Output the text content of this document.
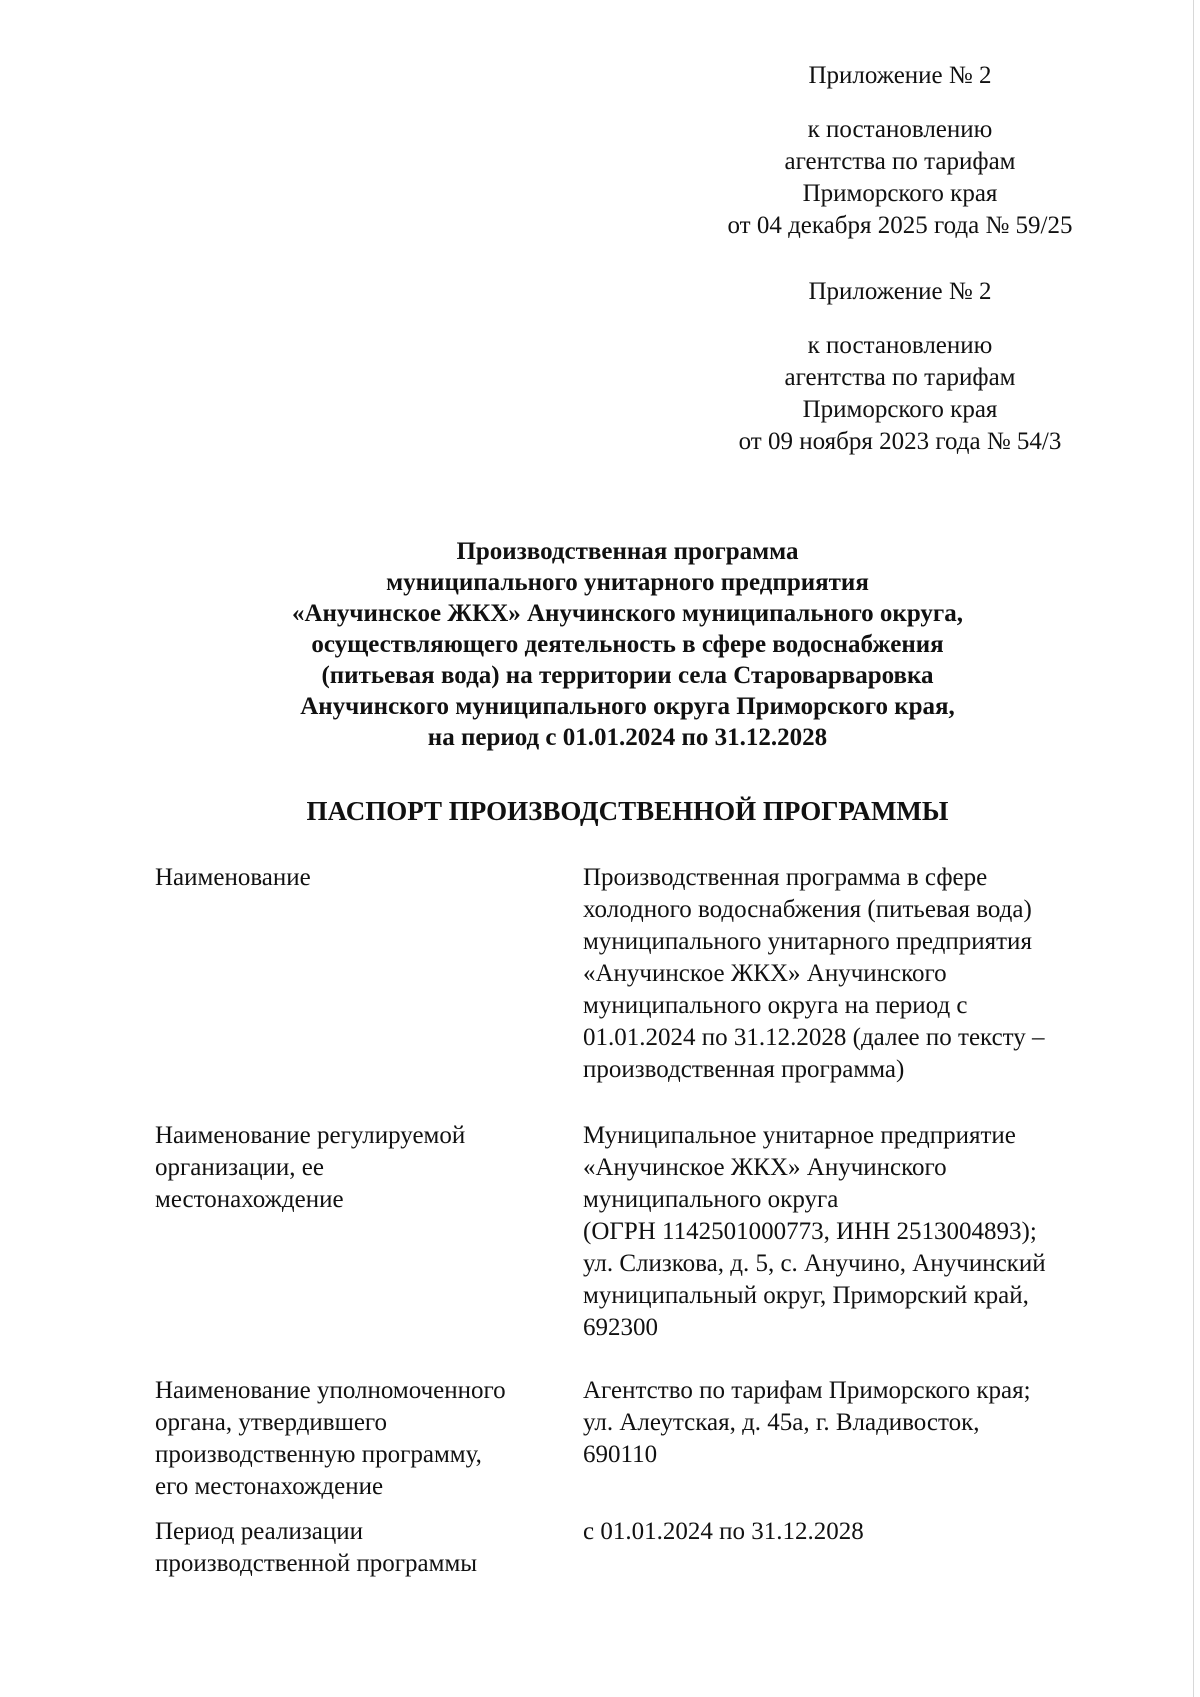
Приложение № 2
к постановлению
агентства по тарифам
Приморского края
от 04 декабря 2025 года № 59/25
Приложение № 2
к постановлению
агентства по тарифам
Приморского края
от 09 ноября 2023 года № 54/3
Производственная программа
муниципального унитарного предприятия
«Анучинское ЖКХ» Анучинского муниципального округа,
осуществляющего деятельность в сфере водоснабжения
(питьевая вода) на территории села Староварваровка
Анучинского муниципального округа Приморского края,
на период с 01.01.2024 по 31.12.2028
ПАСПОРТ ПРОИЗВОДСТВЕННОЙ ПРОГРАММЫ
Наименование	Производственная программа в сфере
холодного водоснабжения (питьевая вода)
муниципального унитарного предприятия
«Анучинское ЖКХ» Анучинского
муниципального округа на период с
01.01.2024 по 31.12.2028 (далее по тексту –
производственная программа)
Наименование регулируемой
организации, ее
местонахождение
Муниципальное унитарное предприятие
«Анучинское ЖКХ» Анучинского
муниципального округа
(ОГРН 1142501000773, ИНН 2513004893);
ул. Слизкова, д. 5, с. Анучино, Анучинский
муниципальный округ, Приморский край,
692300
Наименование уполномоченного
органа, утвердившего
производственную программу,
его местонахождение
Агентство по тарифам Приморского края;
ул. Алеутская, д. 45а, г. Владивосток,
690110
Период реализации
производственной программы
с 01.01.2024 по 31.12.2028
